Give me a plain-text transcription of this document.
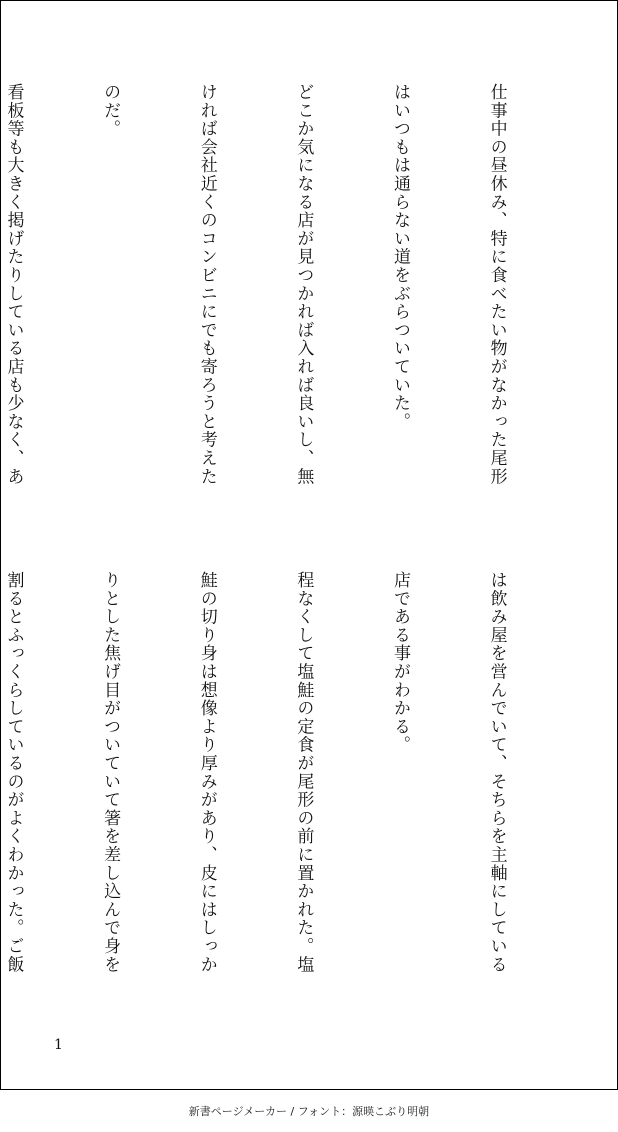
仕事中の昼休み、特に食べたい物がなかった尾形

はいつもは通らない道をぶらついていた。

どこか気になる店が見つかれば入れば良いし、無

ければ会社近くのコンビニにでも寄ろうと考えた

のだ。

看板等も大きく掲げたりしている店も少なく、あ

は飲み屋を営んでいて、そちらを主軸にしている

店である事がわかる。

程なくして塩鮭の定食が尾形の前に置かれた。塩

鮭の切り身は想像より厚みがあり、皮にはしっか

りとした焦げ目がついていて箸を差し込んで身を

割るとふっくらしているのがよくわかった。ご飯

1
新書ページメーカー / フォント：源暎こぶり明朝
